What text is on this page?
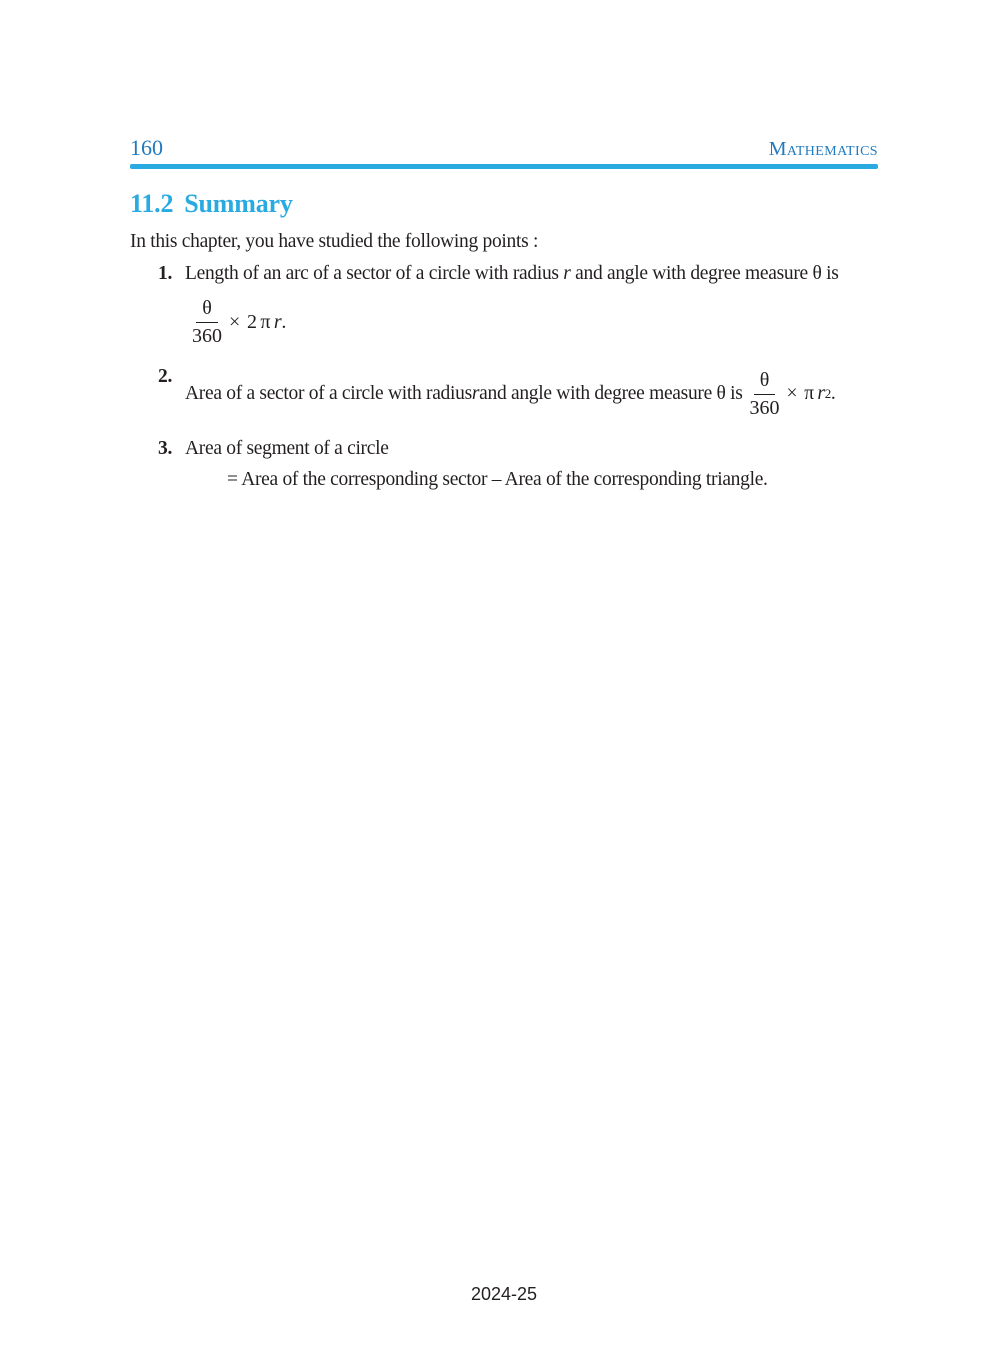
160	Mathematics
11.2 Summary
In this chapter, you have studied the following points :
1. Length of an arc of a sector of a circle with radius r and angle with degree measure θ is
$\frac{\theta}{360} \times 2$ π  r .
2.
Area of a sector of a circle with radius r and angle with degree measure θ is $\frac{\theta}{360} \times \pi$  r 2 .
3. Area of segment of a circle
= Area of the corresponding sector – Area of the corresponding triangle.
2024-25
